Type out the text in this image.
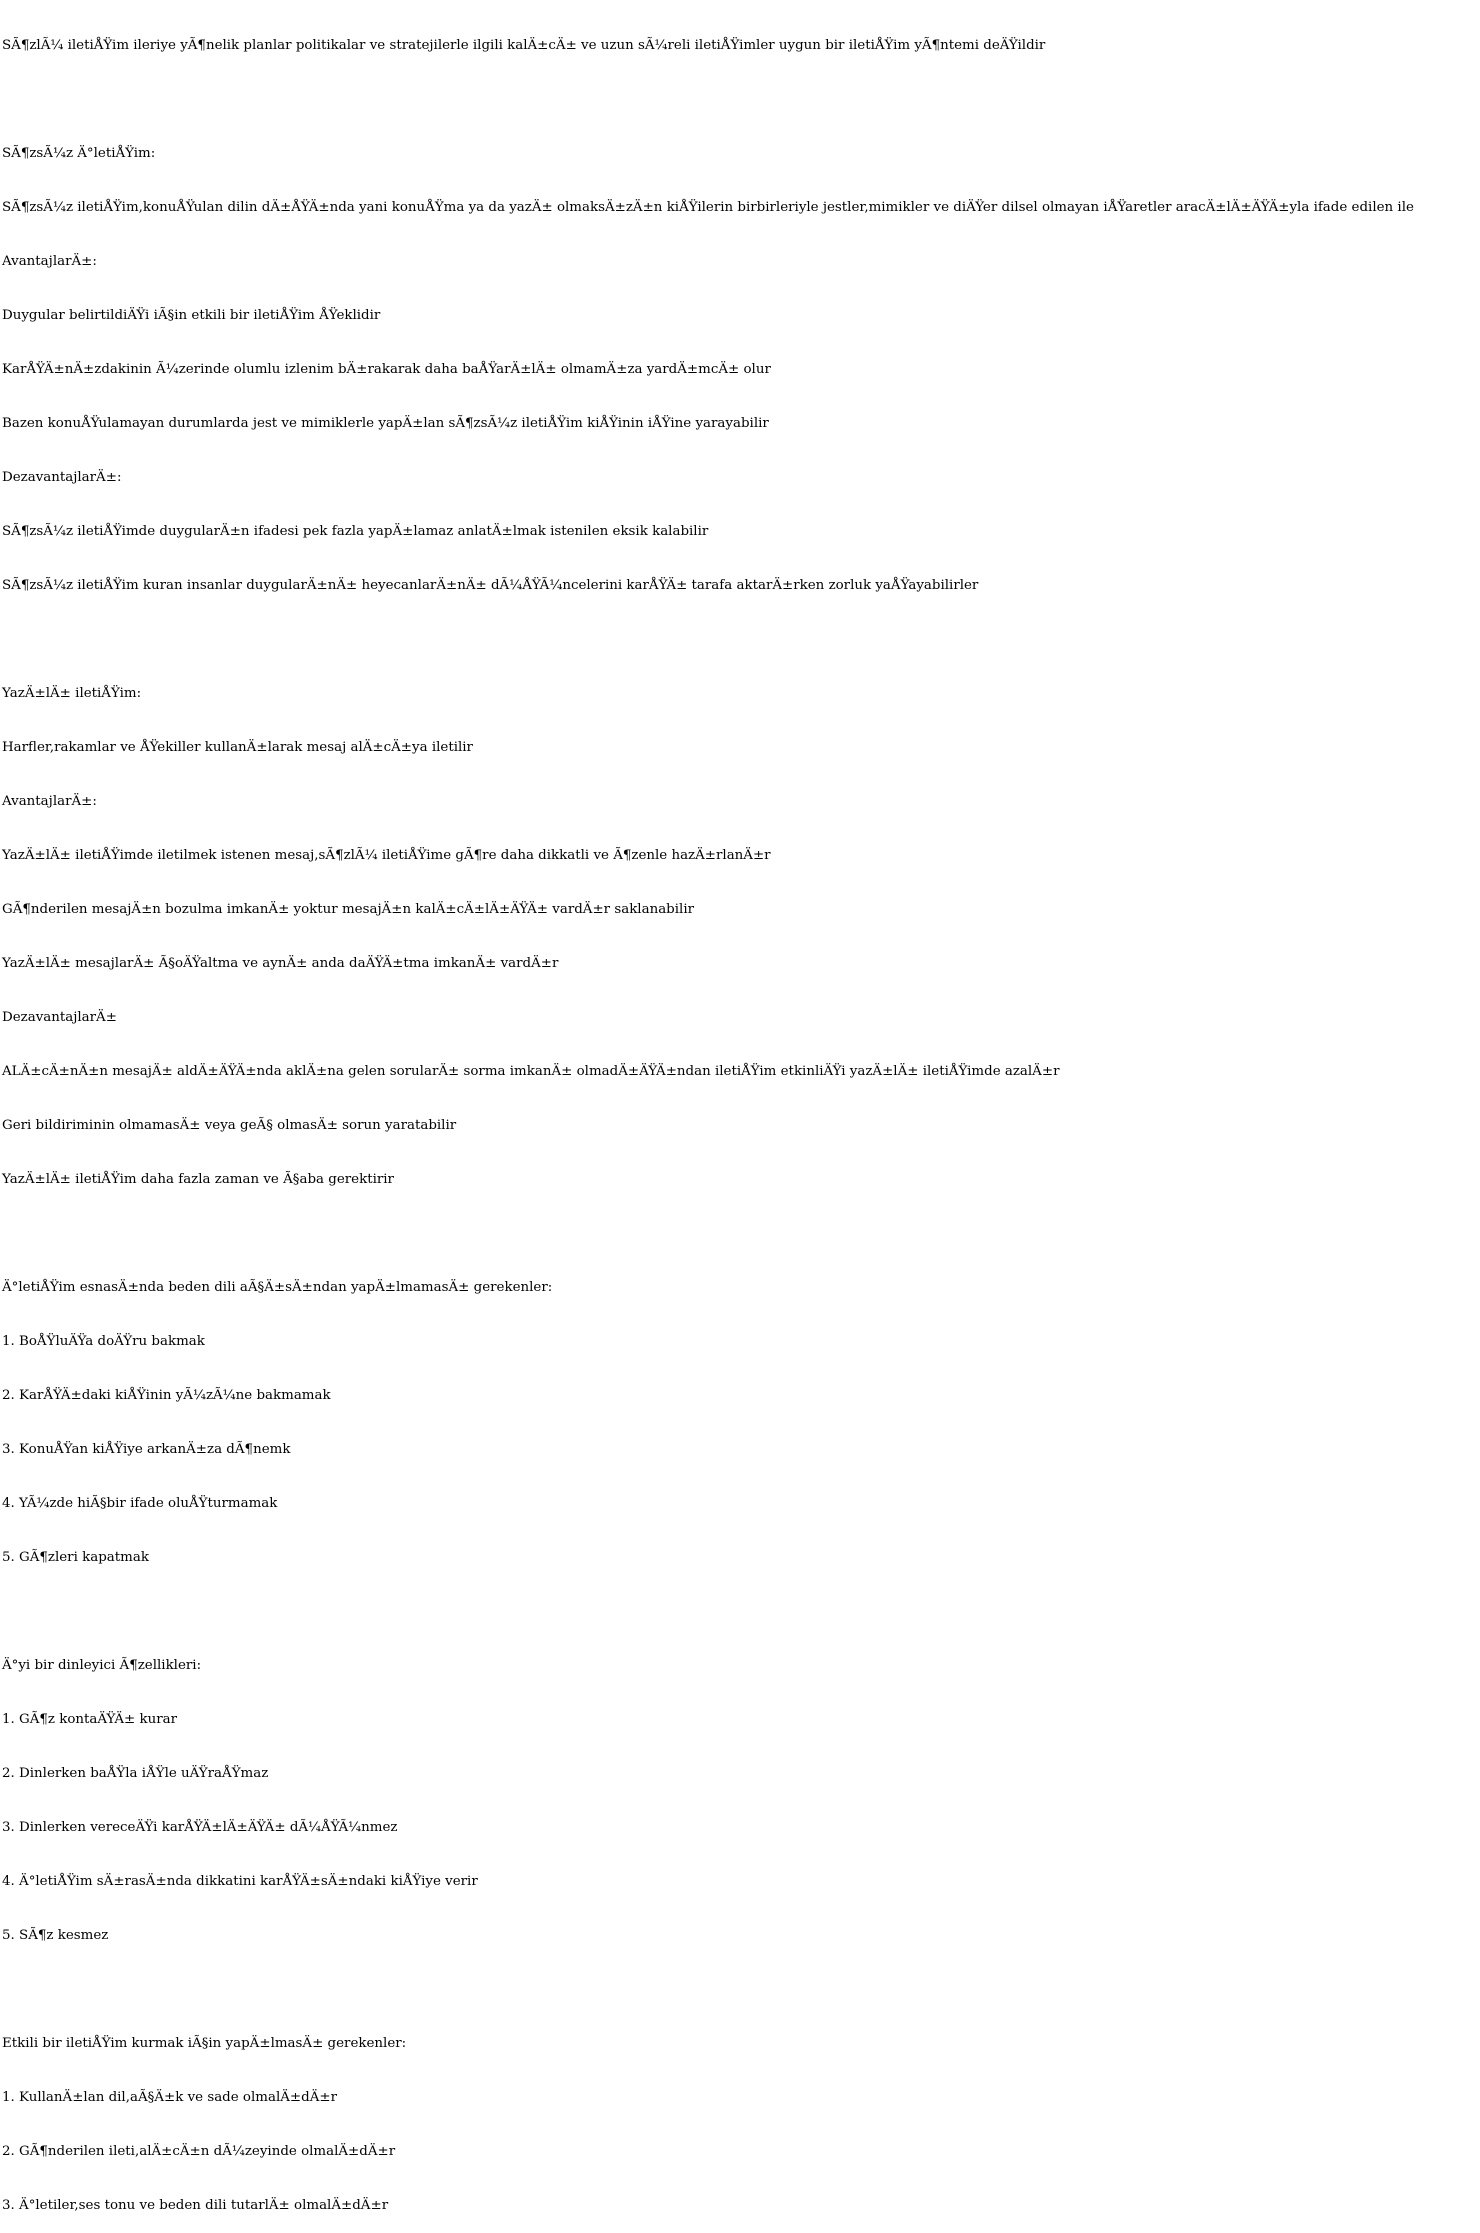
SÃ¶zlÃ¼ iletiÅŸim ileriye yÃ¶nelik planlar politikalar ve stratejilerle ilgili kalÄ±cÄ± ve uzun sÃ¼reli iletiÅŸimler uygun bir iletiÅŸim yÃ¶ntemi deÄŸildir

SÃ¶zsÃ¼z Ä°letiÅŸim:

SÃ¶zsÃ¼z iletiÅŸim,konuÅŸulan dilin dÄ±ÅŸÄ±nda yani konuÅŸma ya da yazÄ± olmaksÄ±zÄ±n kiÅŸilerin birbirleriyle jestler,mimikler ve diÄŸer dilsel olmayan iÅŸaretler aracÄ±lÄ±ÄŸÄ±yla ifade edilen ile

AvantajlarÄ±:

Duygular belirtildiÄŸi iÃ§in etkili bir iletiÅŸim ÅŸeklidir

KarÅŸÄ±nÄ±zdakinin Ã¼zerinde olumlu izlenim bÄ±rakarak daha baÅŸarÄ±lÄ± olmamÄ±za yardÄ±mcÄ± olur

Bazen konuÅŸulamayan durumlarda jest ve mimiklerle yapÄ±lan sÃ¶zsÃ¼z iletiÅŸim kiÅŸinin iÅŸine yarayabilir

DezavantajlarÄ±:

SÃ¶zsÃ¼z iletiÅŸimde duygularÄ±n ifadesi pek fazla yapÄ±lamaz anlatÄ±lmak istenilen eksik kalabilir

SÃ¶zsÃ¼z iletiÅŸim kuran insanlar duygularÄ±nÄ± heyecanlarÄ±nÄ± dÃ¼ÅŸÃ¼ncelerini karÅŸÄ± tarafa aktarÄ±rken zorluk yaÅŸayabilirler

YazÄ±lÄ± iletiÅŸim:

Harfler,rakamlar ve ÅŸekiller kullanÄ±larak mesaj alÄ±cÄ±ya iletilir

AvantajlarÄ±:

YazÄ±lÄ± iletiÅŸimde iletilmek istenen mesaj,sÃ¶zlÃ¼ iletiÅŸime gÃ¶re daha dikkatli ve Ã¶zenle hazÄ±rlanÄ±r

GÃ¶nderilen mesajÄ±n bozulma imkanÄ± yoktur mesajÄ±n kalÄ±cÄ±lÄ±ÄŸÄ± vardÄ±r saklanabilir

YazÄ±lÄ± mesajlarÄ± Ã§oÄŸaltma ve aynÄ± anda daÄŸÄ±tma imkanÄ± vardÄ±r

DezavantajlarÄ±

ALÄ±cÄ±nÄ±n mesajÄ± aldÄ±ÄŸÄ±nda aklÄ±na gelen sorularÄ± sorma imkanÄ± olmadÄ±ÄŸÄ±ndan iletiÅŸim etkinliÄŸi yazÄ±lÄ± iletiÅŸimde azalÄ±r

Geri bildiriminin olmamasÄ± veya geÃ§ olmasÄ± sorun yaratabilir

YazÄ±lÄ± iletiÅŸim daha fazla zaman ve Ã§aba gerektirir

Ä°letiÅŸim esnasÄ±nda beden dili aÃ§Ä±sÄ±ndan yapÄ±lmamasÄ± gerekenler:

1. BoÅŸluÄŸa doÄŸru bakmak

2. KarÅŸÄ±daki kiÅŸinin yÃ¼zÃ¼ne bakmamak

3. KonuÅŸan kiÅŸiye arkanÄ±za dÃ¶nemk

4. YÃ¼zde hiÃ§bir ifade oluÅŸturmamak

5. GÃ¶zleri kapatmak

Ä°yi bir dinleyici Ã¶zellikleri:

1. GÃ¶z kontaÄŸÄ± kurar

2. Dinlerken baÅŸla iÅŸle uÄŸraÅŸmaz

3. Dinlerken vereceÄŸi karÅŸÄ±lÄ±ÄŸÄ± dÃ¼ÅŸÃ¼nmez

4. Ä°letiÅŸim sÄ±rasÄ±nda dikkatini karÅŸÄ±sÄ±ndaki kiÅŸiye verir

5. SÃ¶z kesmez

Etkili bir iletiÅŸim kurmak iÃ§in yapÄ±lmasÄ± gerekenler:

1. KullanÄ±lan dil,aÃ§Ä±k ve sade olmalÄ±dÄ±r

2. GÃ¶nderilen ileti,alÄ±cÄ±n dÃ¼zeyinde olmalÄ±dÄ±r

3. Ä°letiler,ses tonu ve beden dili tutarlÄ± olmalÄ±dÄ±r
